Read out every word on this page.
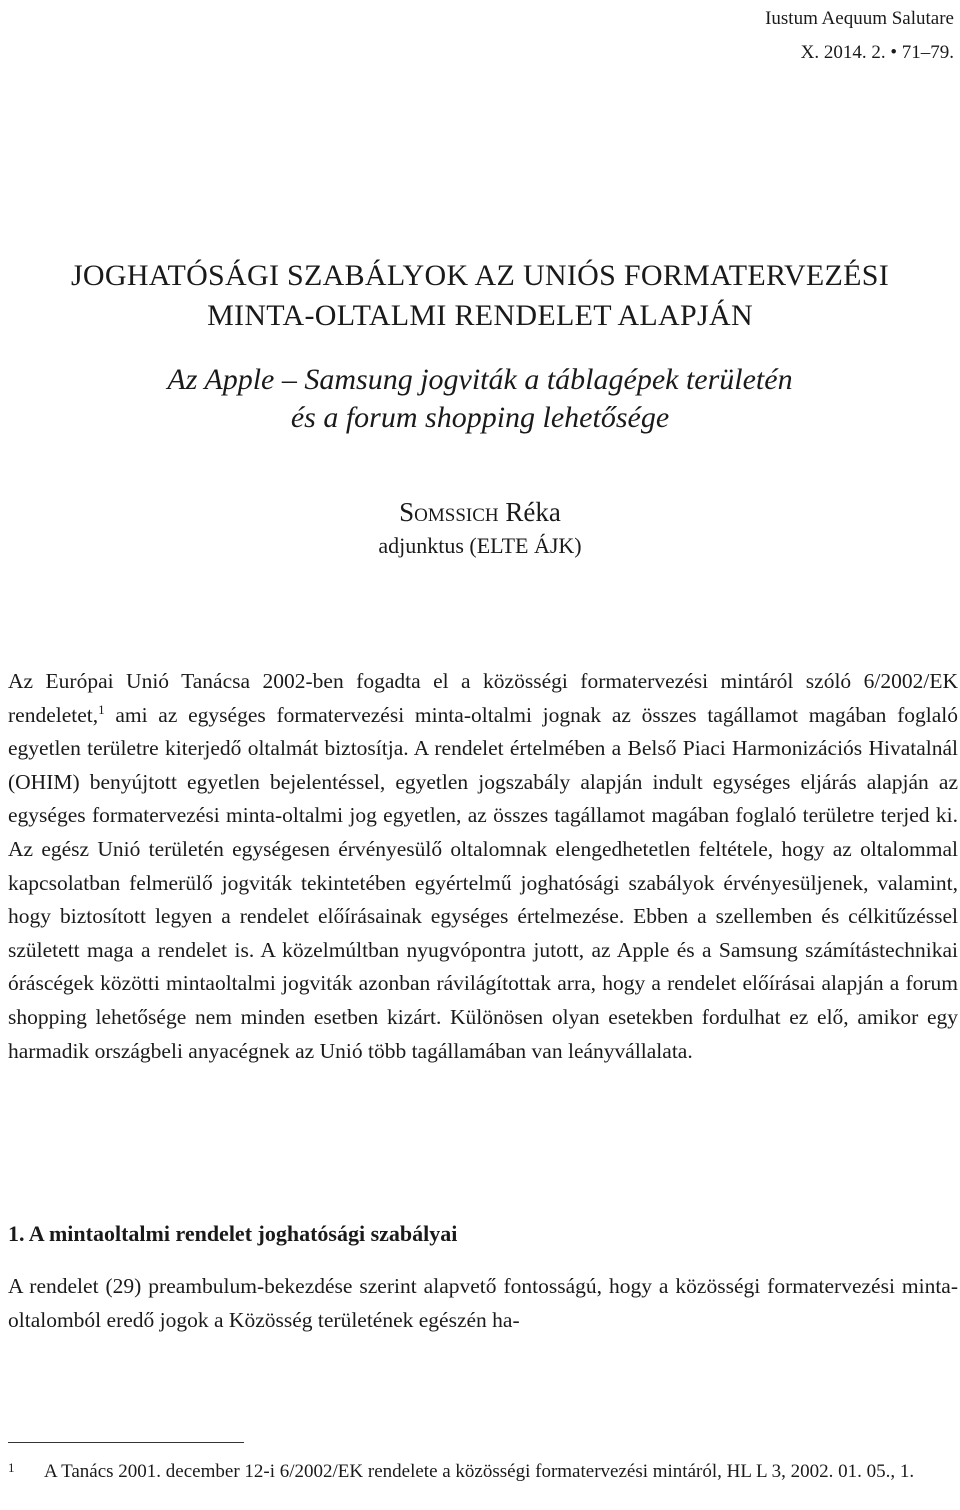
Iustum Aequum Salutare
X. 2014. 2. • 71–79.
JOGHATÓSÁGI SZABÁLYOK AZ UNIÓS FORMATERVEZÉSI
MINTA-OLTALMI RENDELET ALAPJÁN
Az Apple – Samsung jogviták a táblagépek területén
és a forum shopping lehetősége
Somssich Réka
adjunktus (ELTE ÁJK)

Az Európai Unió Tanácsa 2002-ben fogadta el a közösségi formatervezési mintáról szóló 6/2002/EK rendeletet,$^1$ ami az egységes formatervezési minta-oltalmi jognak az összes tagállamot magában foglaló egyetlen területre kiterjedő oltalmát biztosítja. A rendelet értelmében a Belső Piaci Harmonizációs Hivatalnál (OHIM) benyújtott egyetlen bejelentéssel, egyetlen jogszabály alapján indult egységes eljárás alapján az egységes formatervezési minta-oltalmi jog egyetlen, az összes tagállamot magában foglaló területre terjed ki. Az egész Unió területén egységesen érvényesülő oltalomnak elengedhetetlen feltétele, hogy az oltalommal kapcsolatban felmerülő jogviták tekintetében egyértelmű joghatósági szabályok érvényesüljenek, valamint, hogy biztosított legyen a rendelet előírásainak egységes értelmezése. Ebben a szellemben és célkitűzéssel született maga a rendelet is. A közelmúltban nyugvópontra jutott, az Apple és a Samsung számítástechnikai óráscégek közötti mintaoltalmi jogviták azonban rávilágítottak arra, hogy a rendelet előírásai alapján a forum shopping lehetősége nem minden esetben kizárt. Különösen olyan esetekben fordulhat ez elő, amikor egy harmadik országbeli anyacégnek az Unió több tagállamában van leányvállalata.

1. A mintaoltalmi rendelet joghatósági szabályai

A rendelet (29) preambulum-bekezdése szerint alapvető fontosságú, hogy a közösségi formatervezési minta-oltalomból eredő jogok a Közösség területének egészén ha-

1	A Tanács 2001. december 12-i 6/2002/EK rendelete a közösségi formatervezési mintáról, HL L 3, 2002. 01. 05., 1.
